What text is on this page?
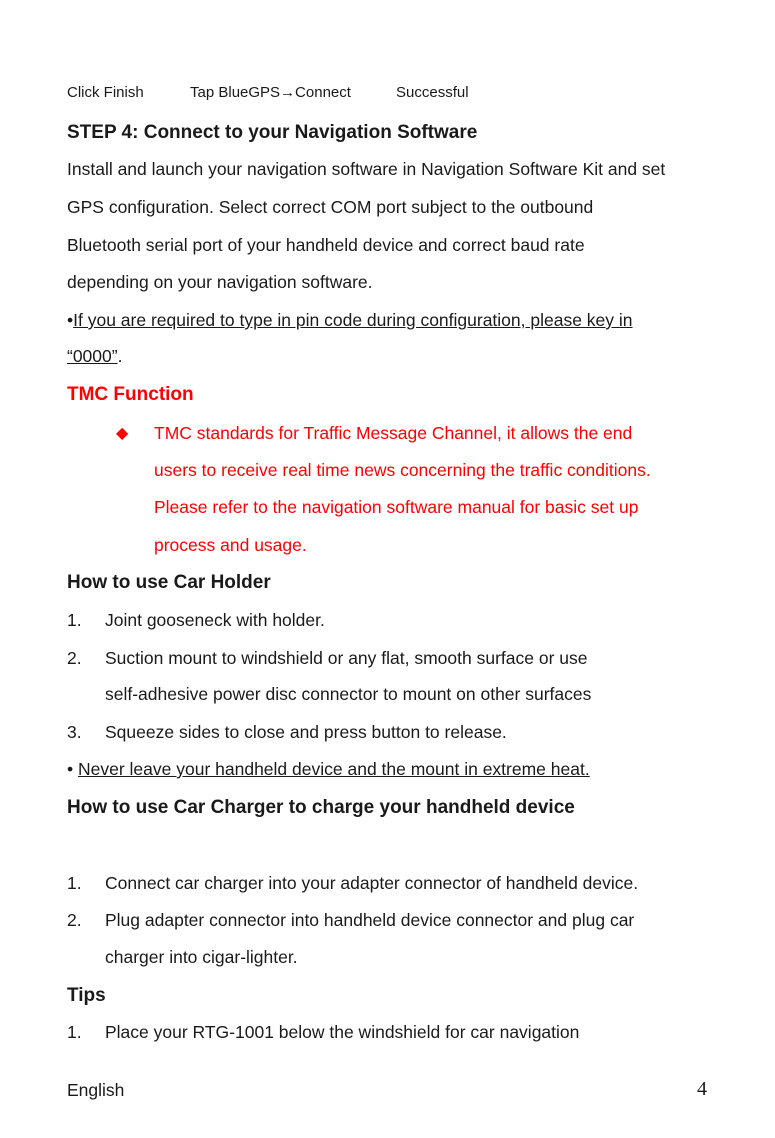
Click Finish	Tap BlueGPS→Connect	Successful
STEP 4: Connect to your Navigation Software
Install and launch your navigation software in Navigation Software Kit and set
GPS configuration. Select correct COM port subject to the outbound
Bluetooth serial port of your handheld device and correct baud rate
depending on your navigation software.
•If you are required to type in pin code during configuration, please key in
“0000”.
TMC Function
◆ TMC standards for Traffic Message Channel, it allows the end
users to receive real time news concerning the traffic conditions.
Please refer to the navigation software manual for basic set up
process and usage.
How to use Car Holder
1. Joint gooseneck with holder.
2. Suction mount to windshield or any flat, smooth surface or use
self-adhesive power disc connector to mount on other surfaces
3. Squeeze sides to close and press button to release.
• Never leave your handheld device and the mount in extreme heat.
How to use Car Charger to charge your handheld device
1. Connect car charger into your adapter connector of handheld device.
2. Plug adapter connector into handheld device connector and plug car
charger into cigar-lighter.
Tips
1. Place your RTG-1001 below the windshield for car navigation
English	4
